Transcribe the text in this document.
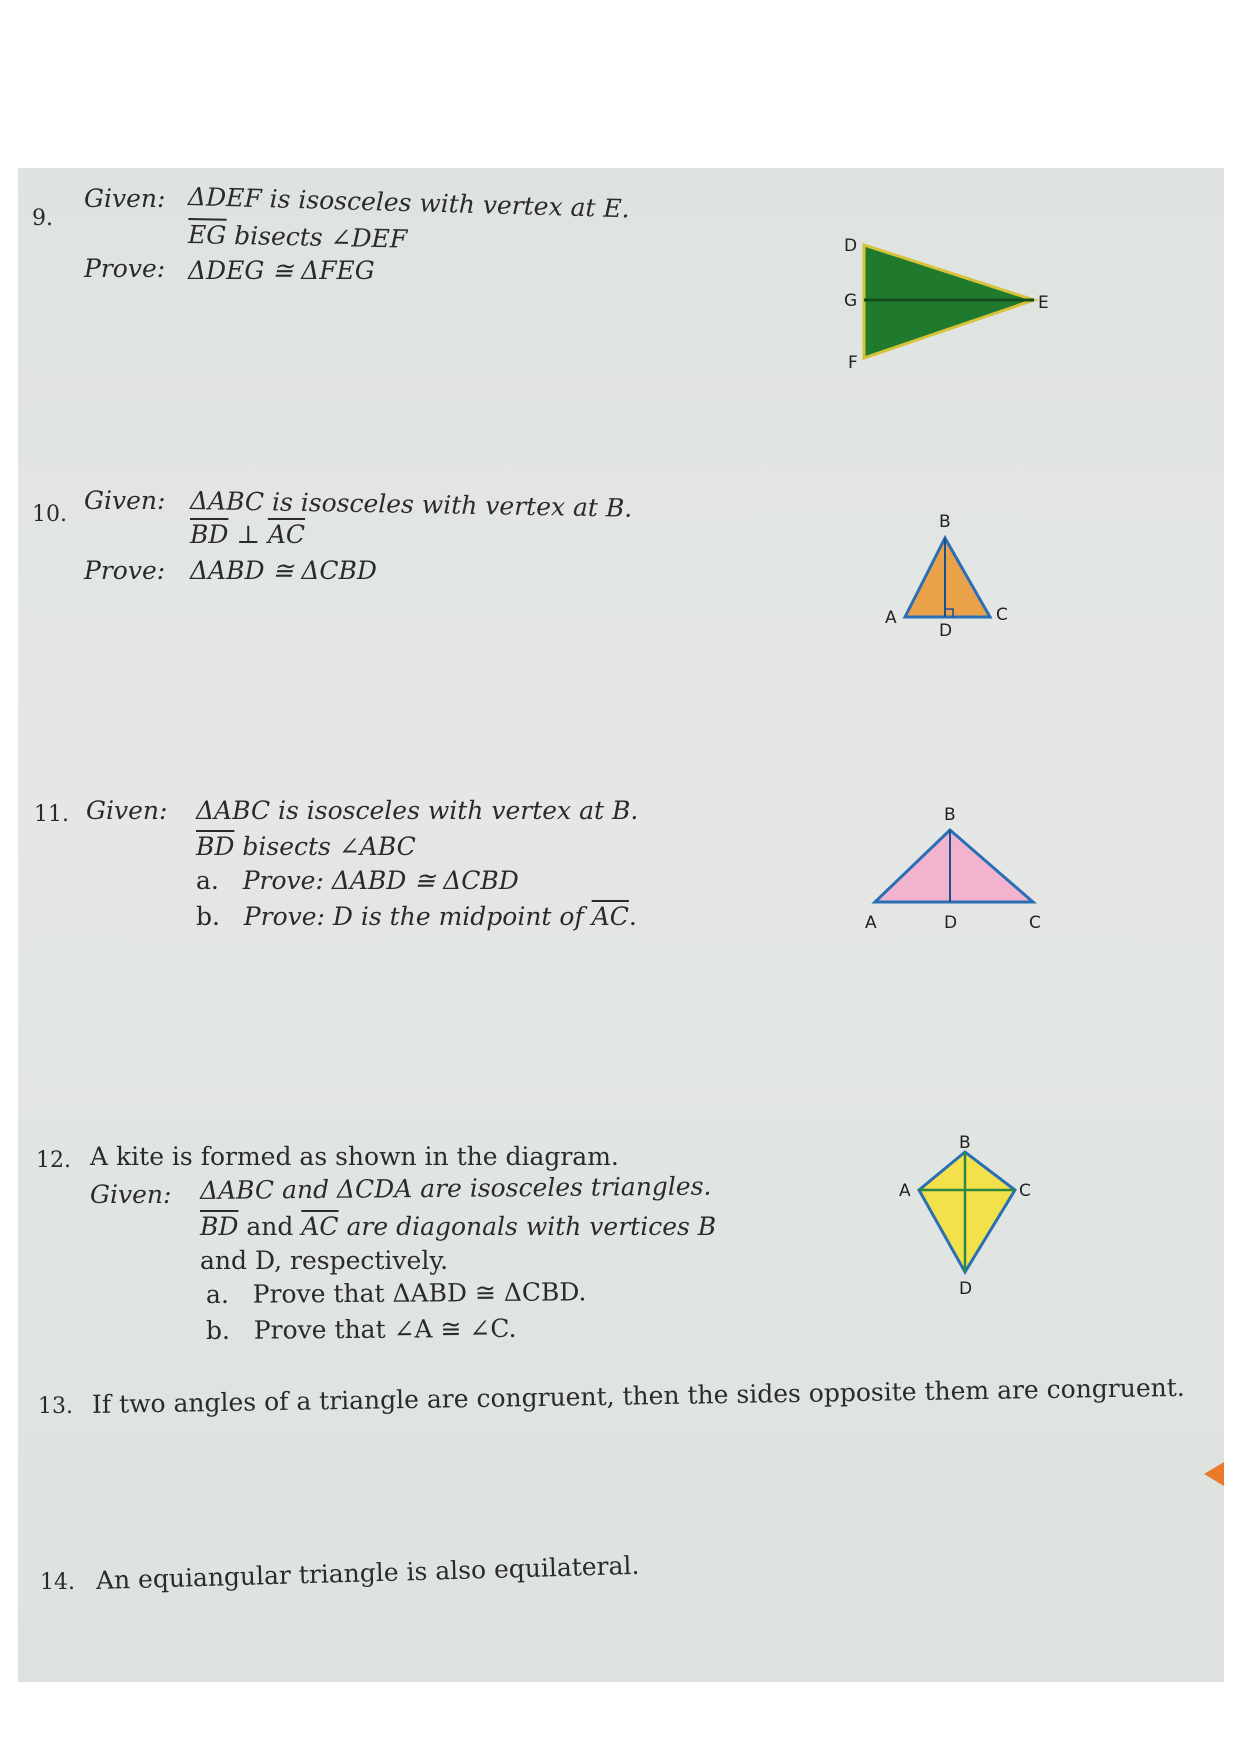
9.
Given: ΔDEF is isosceles with vertex at E.
$\overline{EG}$ bisects ∠DEF
Prove: ΔDEG ≅ ΔFEG
D
G	E
F
10. Given: ΔABC is isosceles with vertex at B.
$\overline{BD}$ ⊥ $\overline{AC}$
Prove: ΔABD ≅ ΔCBD
B
A
D
C
11. Given: ΔABC is isosceles with vertex at B.
$\overline{BD}$ bisects ∠ABC
a. Prove: ΔABD ≅ ΔCBD
b. Prove: D is the midpoint of $\overline{AC}$.
B
A	D	C
12. A kite is formed as shown in the diagram.
Given: ΔABC and ΔCDA are isosceles triangles.
$\overline{BD}$ and $\overline{AC}$ are diagonals with vertices B
and D, respectively.
a. Prove that ΔABD ≅ ΔCBD.
b. Prove that ∠A ≅ ∠C.
B
A	C
D
13. If two angles of a triangle are congruent, then the sides opposite them are congruent.
14. An equiangular triangle is also equilateral.
